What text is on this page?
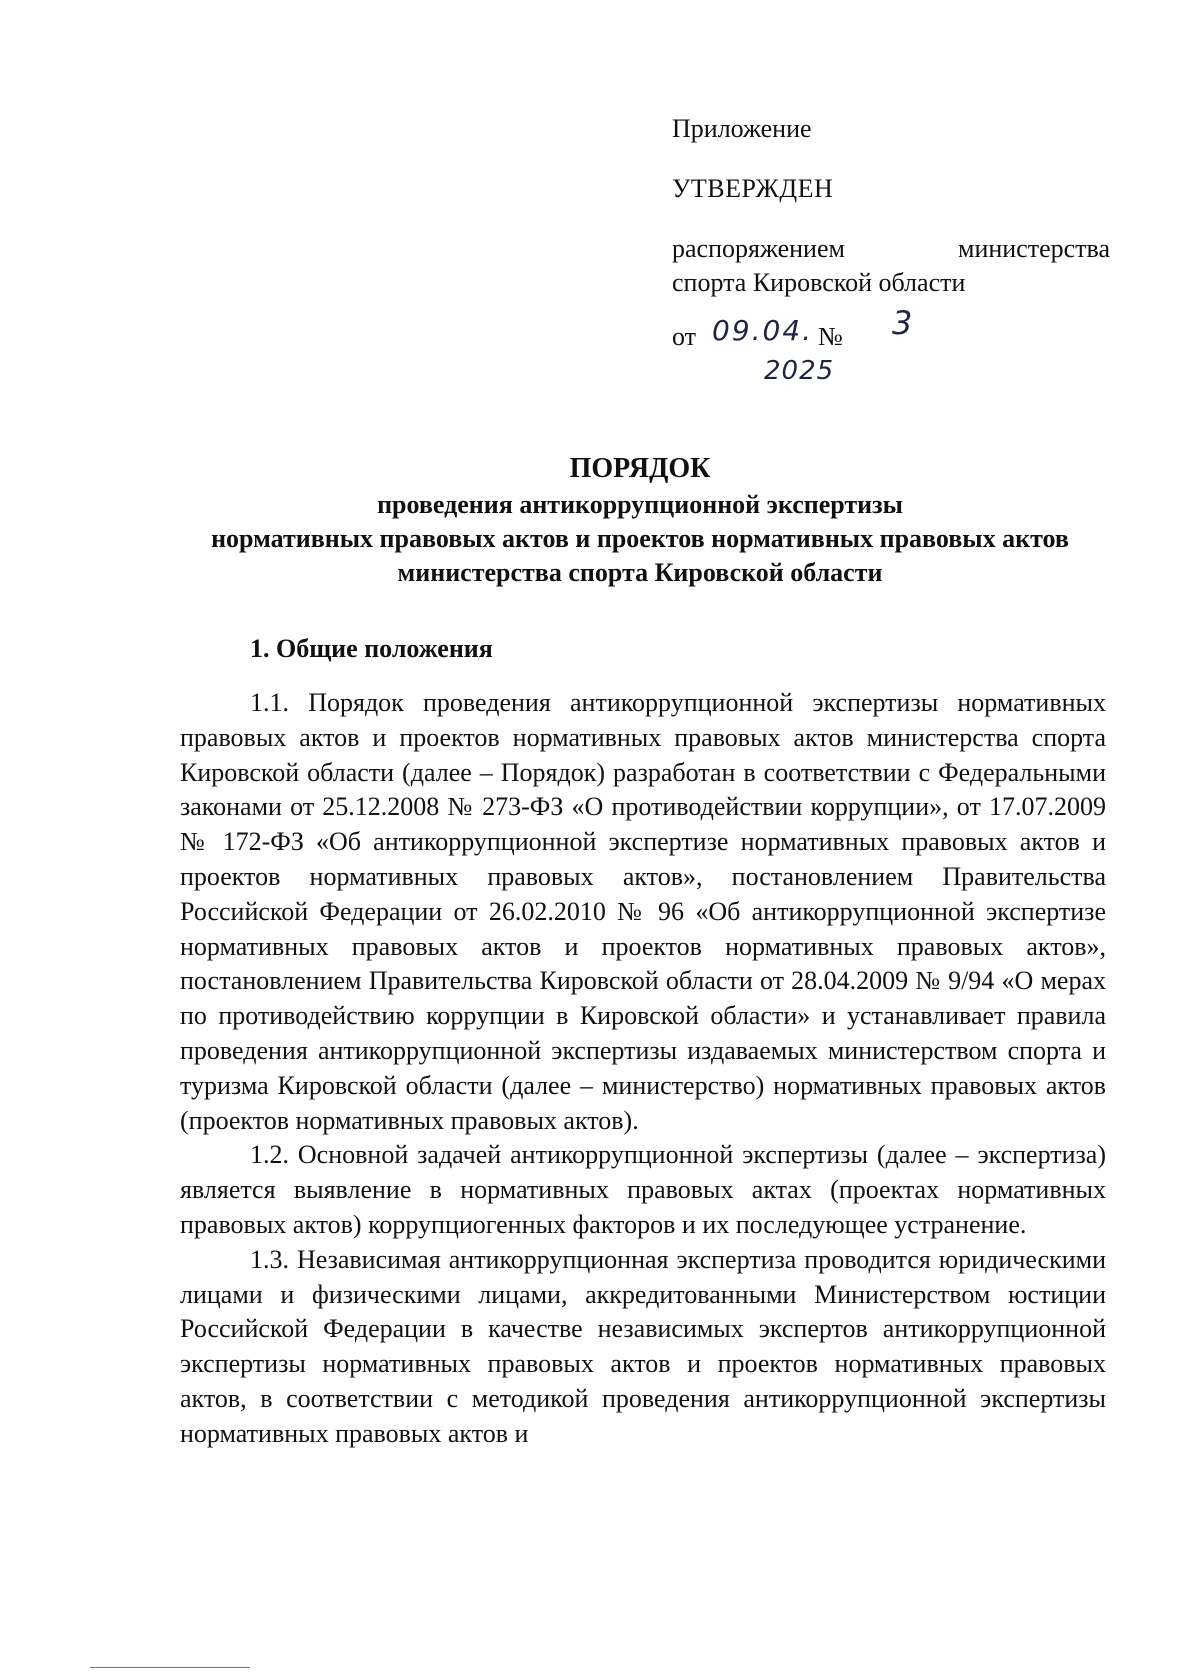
Приложение
УТВЕРЖДЕН
распоряжением	министерства
спорта Кировской области
от 09.04. № 3
2025
ПОРЯДОК
проведения антикоррупционной экспертизы
нормативных правовых актов и проектов нормативных правовых актов
министерства спорта Кировской области
1. Общие положения

1.1. Порядок проведения антикоррупционной экспертизы нормативных правовых актов и проектов нормативных правовых актов министерства спорта Кировской области (далее – Порядок) разработан в соответствии с Федеральными законами от 25.12.2008 № 273-ФЗ «О противодействии коррупции», от 17.07.2009 № 172-ФЗ «Об антикоррупционной экспертизе нормативных правовых актов и проектов нормативных правовых актов», постановлением Правительства Российской Федерации от 26.02.2010 № 96 «Об антикоррупционной экспертизе нормативных правовых актов и проектов нормативных правовых актов», постановлением Правительства Кировской области от 28.04.2009 № 9/94 «О мерах по противодействию коррупции в Кировской области» и устанавливает правила проведения антикоррупционной экспертизы издаваемых министерством спорта и туризма Кировской области (далее – министерство) нормативных правовых актов (проектов нормативных правовых актов).

1.2. Основной задачей антикоррупционной экспертизы (далее – экспертиза) является выявление в нормативных правовых актах (проектах нормативных правовых актов) коррупциогенных факторов и их последующее устранение.

1.3. Независимая антикоррупционная экспертиза проводится юридическими лицами и физическими лицами, аккредитованными Министерством юстиции Российской Федерации в качестве независимых экспертов антикоррупционной экспертизы нормативных правовых актов и проектов нормативных правовых актов, в соответствии с методикой проведения антикоррупционной экспертизы нормативных правовых актов и
